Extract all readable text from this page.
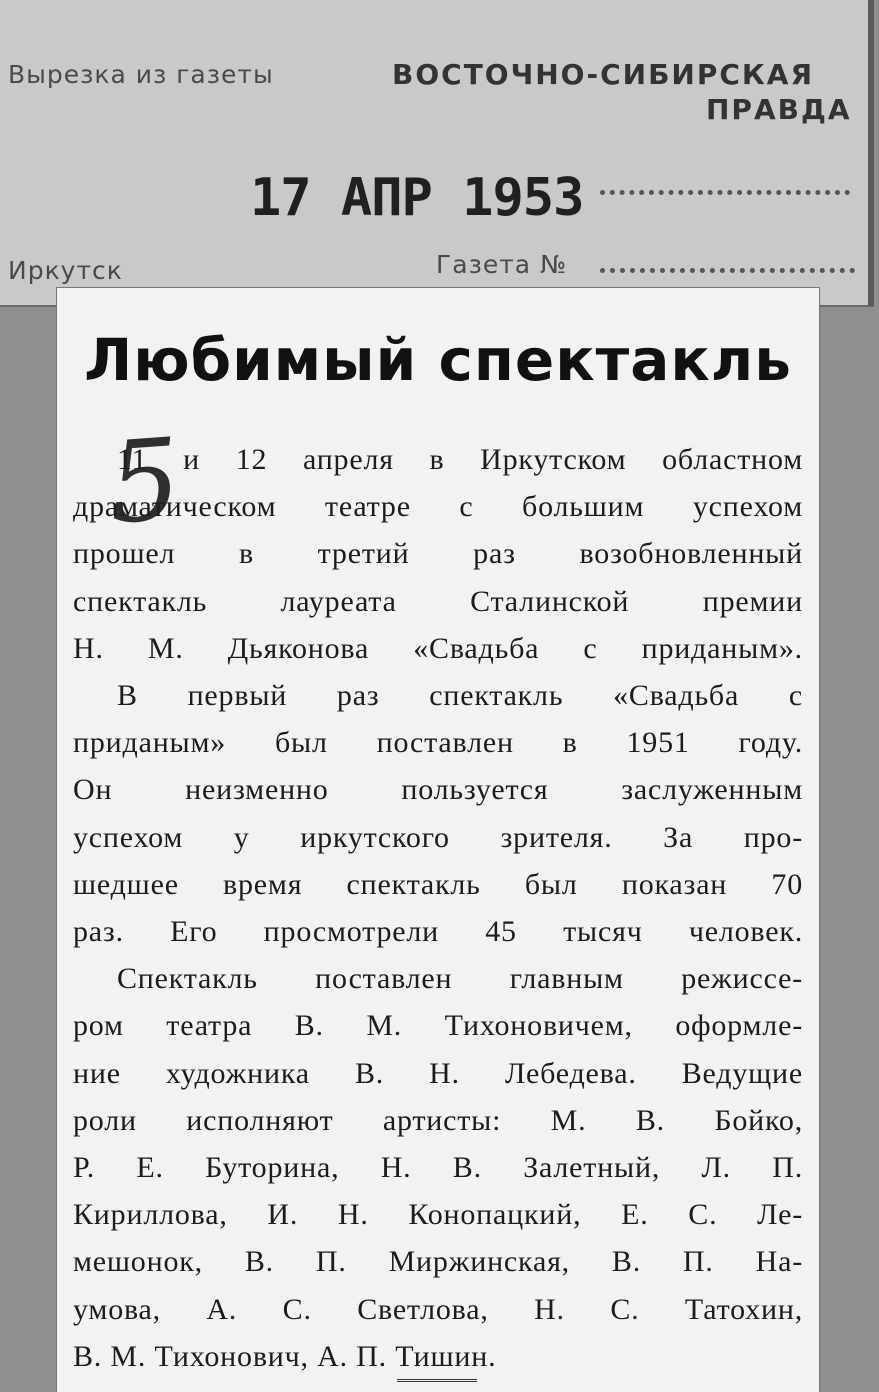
Вырезка из газеты	ВОСТОЧНО-СИБИРСКАЯ
ПРАВДА
17 АПР 1953
Иркутск	Газета №
Любимый спектакль
5
11 и 12 апреля в Иркутском областном
драматическом театре с большим успехом
прошел в третий раз возобновленный
спектакль лауреата Сталинской премии
Н. М. Дьяконова «Свадьба с приданым».
В первый раз спектакль «Свадьба с
приданым» был поставлен в 1951 году.
Он неизменно пользуется заслуженным
успехом у иркутского зрителя. За про-
шедшее время спектакль был показан 70
раз. Его просмотрели 45 тысяч человек.
Спектакль поставлен главным режиссе-
ром театра В. М. Тихоновичем, оформле-
ние художника В. Н. Лебедева. Ведущие
роли исполняют артисты: М. В. Бойко,
Р. Е. Буторина, Н. В. Залетный, Л. П.
Кириллова, И. Н. Конопацкий, Е. С. Ле-
мешонок, В. П. Миржинская, В. П. На-
умова, А. С. Светлова, Н. С. Татохин,
В. М. Тихонович, А. П. Тишин.
